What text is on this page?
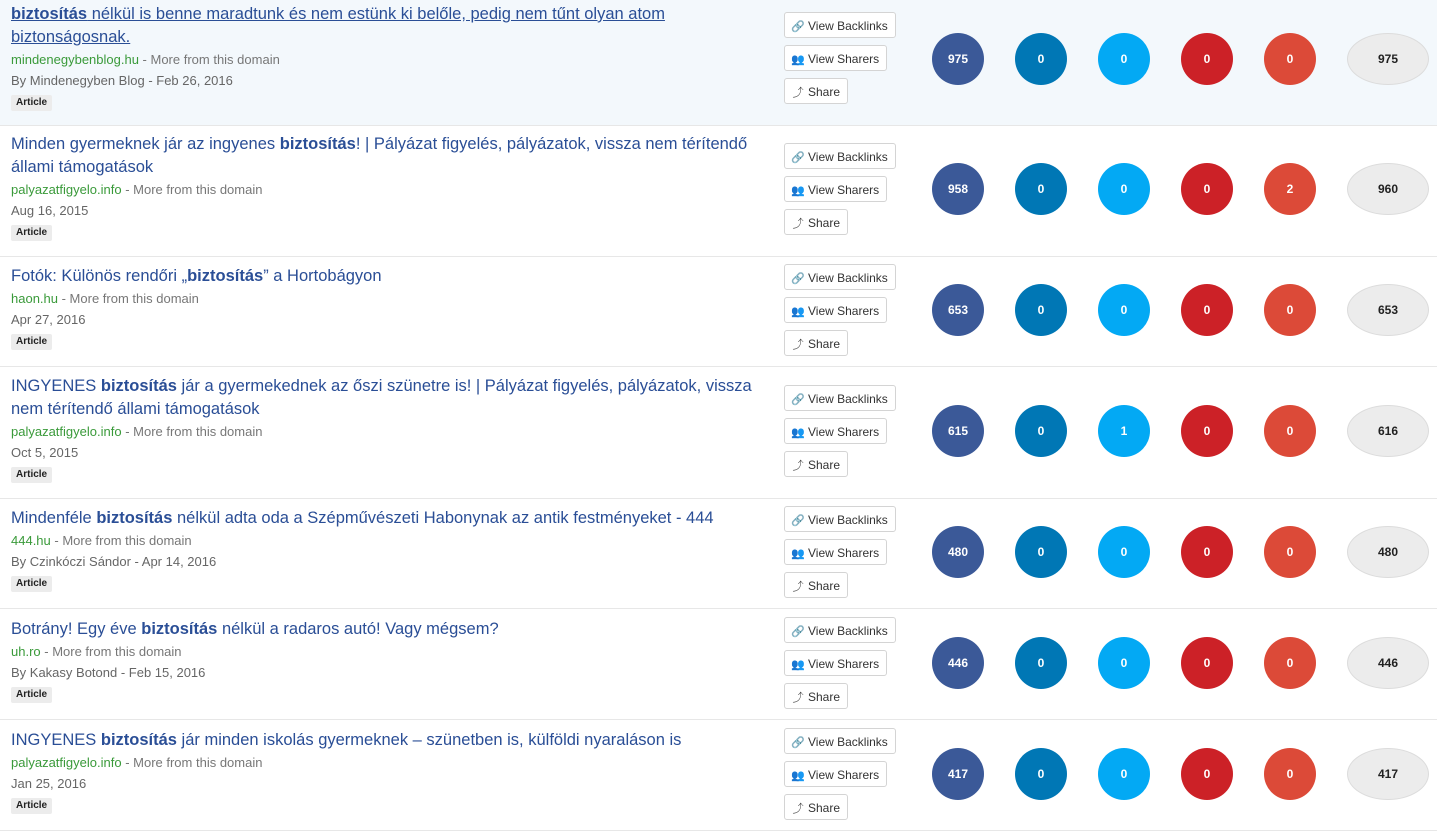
biztosítás nélkül is benne maradtunk és nem estünk ki belőle, pedig nem tűnt olyan atom biztonságosnak.
mindenegybenblog.hu - More from this domain
By Mindenegyben Blog - Feb 26, 2016
Article
🔗 View Backlinks
👥 View Sharers
⤴ Share
975	0	0	0	0	975
Minden gyermeknek jár az ingyenes biztosítás! | Pályázat figyelés, pályázatok, vissza nem térítendő állami támogatások
palyazatfigyelo.info - More from this domain
Aug 16, 2015
Article
🔗 View Backlinks
👥 View Sharers
⤴ Share
958	0	0	0	2	960
Fotók: Különös rendőri „biztosítás” a Hortobágyon
haon.hu - More from this domain
Apr 27, 2016
Article
🔗 View Backlinks
👥 View Sharers
⤴ Share
653	0	0	0	0	653
INGYENES biztosítás jár a gyermekednek az őszi szünetre is! | Pályázat figyelés, pályázatok, vissza nem térítendő állami támogatások
palyazatfigyelo.info - More from this domain
Oct 5, 2015
Article
🔗 View Backlinks
👥 View Sharers
⤴ Share
615	0	1	0	0	616
Mindenféle biztosítás nélkül adta oda a Szépművészeti Habonynak az antik festményeket - 444
444.hu - More from this domain
By Czinkóczi Sándor - Apr 14, 2016
Article
🔗 View Backlinks
👥 View Sharers
⤴ Share
480	0	0	0	0	480
Botrány! Egy éve biztosítás nélkül a radaros autó! Vagy mégsem?
uh.ro - More from this domain
By Kakasy Botond - Feb 15, 2016
Article
🔗 View Backlinks
👥 View Sharers
⤴ Share
446	0	0	0	0	446
INGYENES biztosítás jár minden iskolás gyermeknek – szünetben is, külföldi nyaraláson is
palyazatfigyelo.info - More from this domain
Jan 25, 2016
Article
🔗 View Backlinks
👥 View Sharers
⤴ Share
417	0	0	0	0	417
